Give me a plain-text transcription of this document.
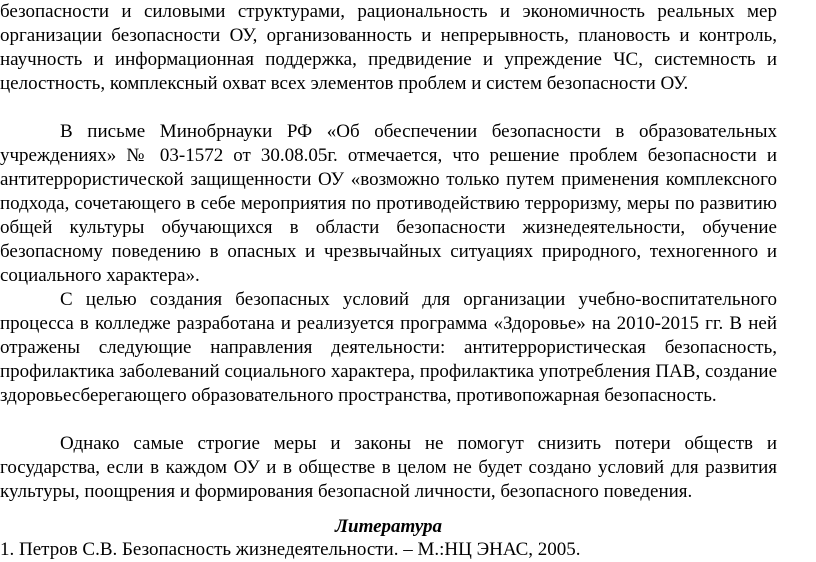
безопасности и силовыми структурами, рациональность и экономичность реальных мер организации безопасности ОУ, организованность и непрерывность, плановость и контроль, научность и информационная поддержка, предвидение и упреждение ЧС, системность и целостность, комплексный охват всех элементов проблем и систем безопасности ОУ.

В письме Минобрнауки РФ «Об обеспечении безопасности в образовательных учреждениях» № 03-1572 от 30.08.05г. отмечается, что решение проблем безопасности и антитеррористической защищенности ОУ «возможно только путем применения комплексного подхода, сочетающего в себе мероприятия по противодействию терроризму, меры по развитию общей культуры обучающихся в области безопасности жизнедеятельности, обучение безопасному поведению в опасных и чрезвычайных ситуациях природного, техногенного и социального характера».

С целью создания безопасных условий для организации учебно-воспитательного процесса в колледже разработана и реализуется программа «Здоровье» на 2010-2015 гг. В ней отражены следующие направления деятельности: антитеррористическая безопасность, профилактика заболеваний социального характера, профилактика употребления ПАВ, создание здоровьесберегающего образовательного пространства, противопожарная безопасность.

Однако самые строгие меры и законы не помогут снизить потери обществ и государства, если в каждом ОУ и в обществе в целом не будет создано условий для развития культуры, поощрения и формирования безопасной личности, безопасного поведения.

Литература

1. Петров С.В. Безопасность жизнедеятельности. – М.:НЦ ЭНАС, 2005.
